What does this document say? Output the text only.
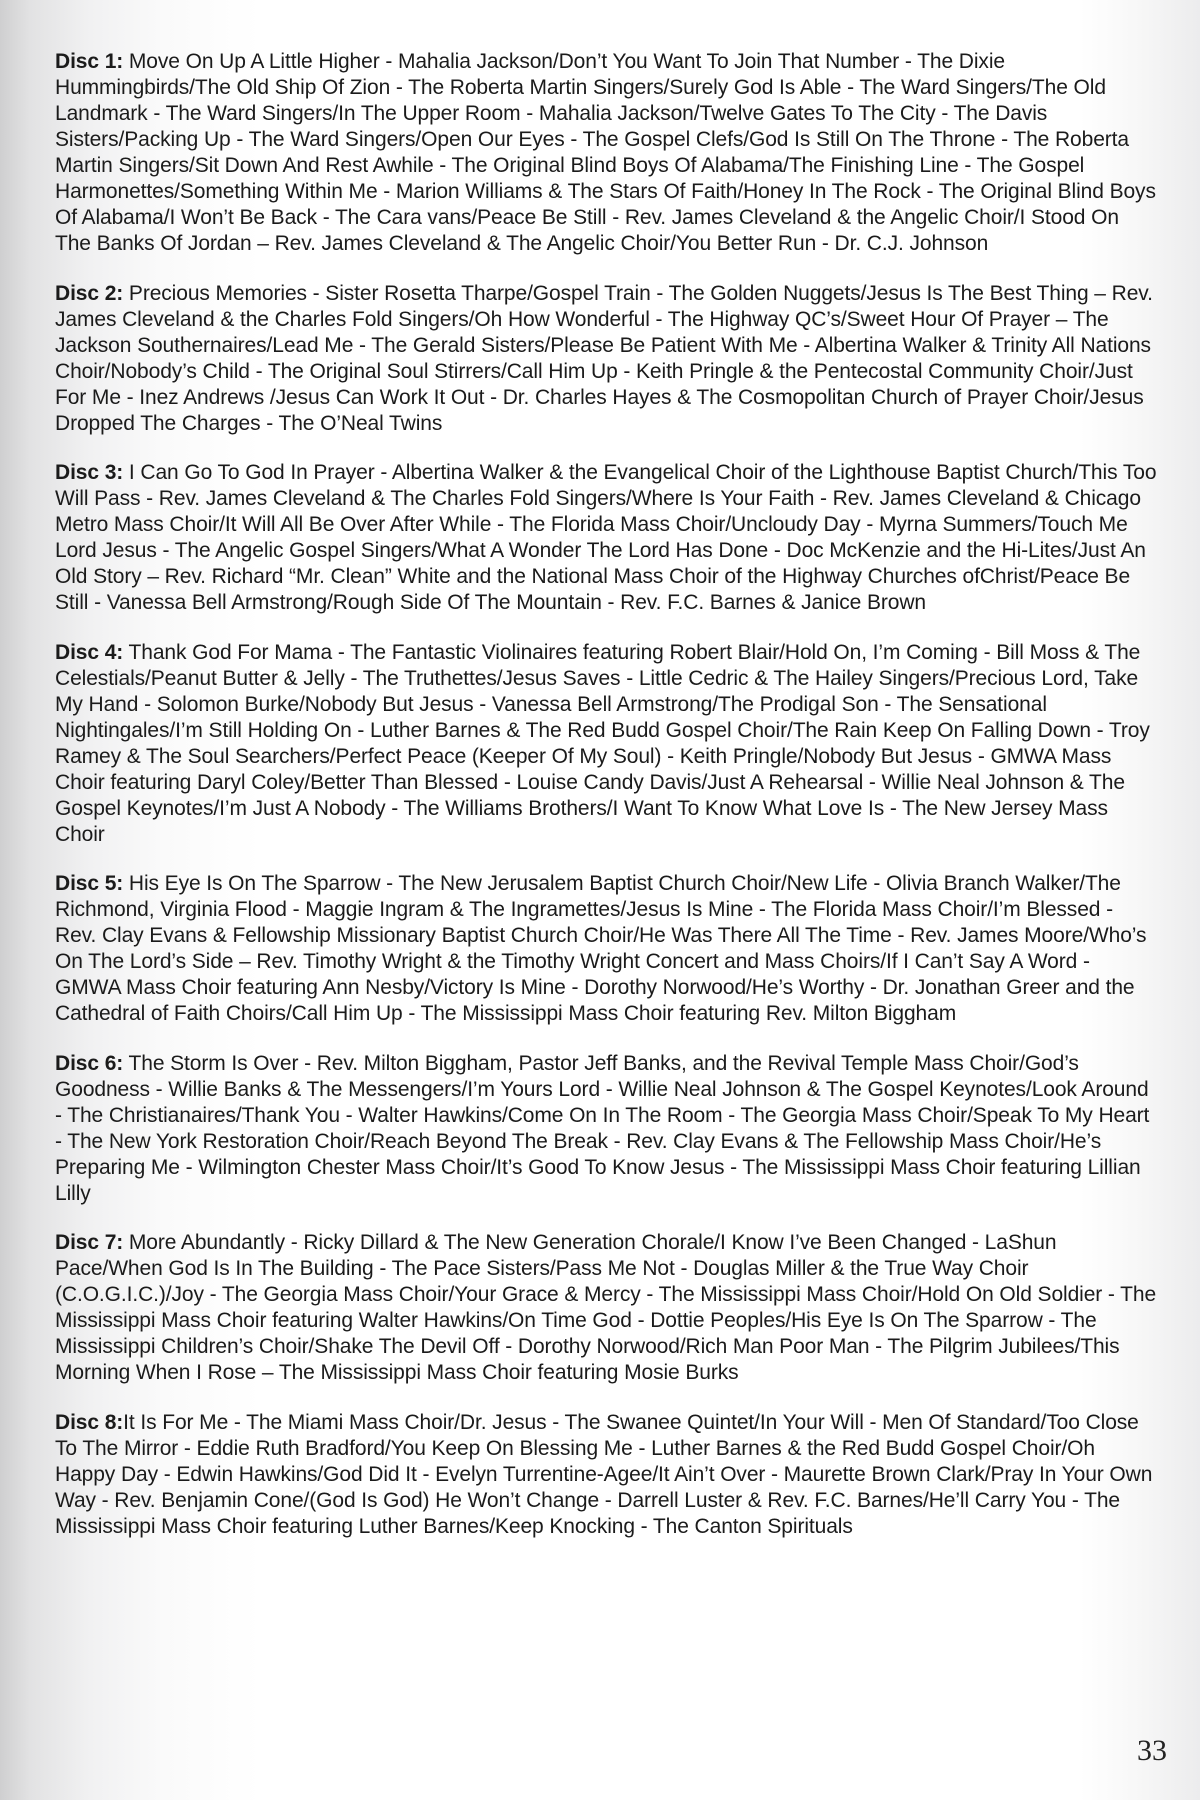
Disc 1: Move On Up A Little Higher - Mahalia Jackson/Don’t You Want To Join That Number - The Dixie Hummingbirds/The Old Ship Of Zion - The Roberta Martin Singers/Surely God Is Able - The Ward Singers/The Old Landmark - The Ward Singers/In The Upper Room - Mahalia Jackson/Twelve Gates To The City - The Davis Sisters/Packing Up - The Ward Singers/Open Our Eyes - The Gospel Clefs/God Is Still On The Throne - The Roberta Martin Singers/Sit Down And Rest Awhile - The Original Blind Boys Of Alabama/The Finishing Line - The Gospel Harmonettes/Something Within Me - Marion Williams & The Stars Of Faith/Honey In The Rock - The Original Blind Boys Of Alabama/I Won’t Be Back - The Cara vans/Peace Be Still - Rev. James Cleveland & the Angelic Choir/I Stood On The Banks Of Jordan – Rev. James Cleveland & The Angelic Choir/You Better Run - Dr. C.J. Johnson

Disc 2: Precious Memories - Sister Rosetta Tharpe/Gospel Train - The Golden Nuggets/Jesus Is The Best Thing – Rev. James Cleveland & the Charles Fold Singers/Oh How Wonderful - The Highway QC’s/Sweet Hour Of Prayer – The Jackson Southernaires/Lead Me - The Gerald Sisters/Please Be Patient With Me - Albertina Walker & Trinity All Nations Choir/Nobody’s Child - The Original Soul Stirrers/Call Him Up - Keith Pringle & the Pentecostal Community Choir/Just For Me - Inez Andrews /Jesus Can Work It Out - Dr. Charles Hayes & The Cosmopolitan Church of Prayer Choir/Jesus Dropped The Charges - The O’Neal Twins

Disc 3: I Can Go To God In Prayer - Albertina Walker & the Evangelical Choir of the Lighthouse Baptist Church/This Too Will Pass - Rev. James Cleveland & The Charles Fold Singers/Where Is Your Faith - Rev. James Cleveland & Chicago Metro Mass Choir/It Will All Be Over After While - The Florida Mass Choir/Uncloudy Day - Myrna Summers/Touch Me Lord Jesus - The Angelic Gospel Singers/What A Wonder The Lord Has Done - Doc McKenzie and the Hi-Lites/Just An Old Story – Rev. Richard “Mr. Clean” White and the National Mass Choir of the Highway Churches ofChrist/Peace Be Still - Vanessa Bell Armstrong/Rough Side Of The Mountain - Rev. F.C. Barnes & Janice Brown

Disc 4: Thank God For Mama - The Fantastic Violinaires featuring Robert Blair/Hold On, I’m Coming - Bill Moss & The Celestials/Peanut Butter & Jelly - The Truthettes/Jesus Saves - Little Cedric & The Hailey Singers/Precious Lord, Take My Hand - Solomon Burke/Nobody But Jesus - Vanessa Bell Armstrong/The Prodigal Son - The Sensational Nightingales/I’m Still Holding On - Luther Barnes & The Red Budd Gospel Choir/The Rain Keep On Falling Down - Troy Ramey & The Soul Searchers/Perfect Peace (Keeper Of My Soul) - Keith Pringle/Nobody But Jesus - GMWA Mass Choir featuring Daryl Coley/Better Than Blessed - Louise Candy Davis/Just A Rehearsal - Willie Neal Johnson & The Gospel Keynotes/I’m Just A Nobody - The Williams Brothers/I Want To Know What Love Is - The New Jersey Mass Choir

Disc 5: His Eye Is On The Sparrow - The New Jerusalem Baptist Church Choir/New Life - Olivia Branch Walker/The Richmond, Virginia Flood - Maggie Ingram & The Ingramettes/Jesus Is Mine - The Florida Mass Choir/I’m Blessed - Rev. Clay Evans & Fellowship Missionary Baptist Church Choir/He Was There All The Time - Rev. James Moore/Who’s On The Lord’s Side – Rev. Timothy Wright & the Timothy Wright Concert and Mass Choirs/If I Can’t Say A Word - GMWA Mass Choir featuring Ann Nesby/Victory Is Mine - Dorothy Norwood/He’s Worthy - Dr. Jonathan Greer and the Cathedral of Faith Choirs/Call Him Up - The Mississippi Mass Choir featuring Rev. Milton Biggham

Disc 6: The Storm Is Over - Rev. Milton Biggham, Pastor Jeff Banks, and the Revival Temple Mass Choir/God’s Goodness - Willie Banks & The Messengers/I’m Yours Lord - Willie Neal Johnson & The Gospel Keynotes/Look Around - The Christianaires/Thank You - Walter Hawkins/Come On In The Room - The Georgia Mass Choir/Speak To My Heart - The New York Restoration Choir/Reach Beyond The Break - Rev. Clay Evans & The Fellowship Mass Choir/He’s Preparing Me - Wilmington Chester Mass Choir/It’s Good To Know Jesus - The Mississippi Mass Choir featuring Lillian Lilly

Disc 7: More Abundantly - Ricky Dillard & The New Generation Chorale/I Know I’ve Been Changed - LaShun Pace/When God Is In The Building - The Pace Sisters/Pass Me Not - Douglas Miller & the True Way Choir (C.O.G.I.C.)/Joy - The Georgia Mass Choir/Your Grace & Mercy - The Mississippi Mass Choir/Hold On Old Soldier - The Mississippi Mass Choir featuring Walter Hawkins/On Time God - Dottie Peoples/His Eye Is On The Sparrow - The Mississippi Children’s Choir/Shake The Devil Off - Dorothy Norwood/Rich Man Poor Man - The Pilgrim Jubilees/This Morning When I Rose – The Mississippi Mass Choir featuring Mosie Burks

Disc 8:It Is For Me - The Miami Mass Choir/Dr. Jesus - The Swanee Quintet/In Your Will - Men Of Standard/Too Close To The Mirror - Eddie Ruth Bradford/You Keep On Blessing Me - Luther Barnes & the Red Budd Gospel Choir/Oh Happy Day - Edwin Hawkins/God Did It - Evelyn Turrentine-Agee/It Ain’t Over - Maurette Brown Clark/Pray In Your Own Way - Rev. Benjamin Cone/(God Is God) He Won’t Change - Darrell Luster & Rev. F.C. Barnes/He’ll Carry You - The Mississippi Mass Choir featuring Luther Barnes/Keep Knocking - The Canton Spirituals

33
